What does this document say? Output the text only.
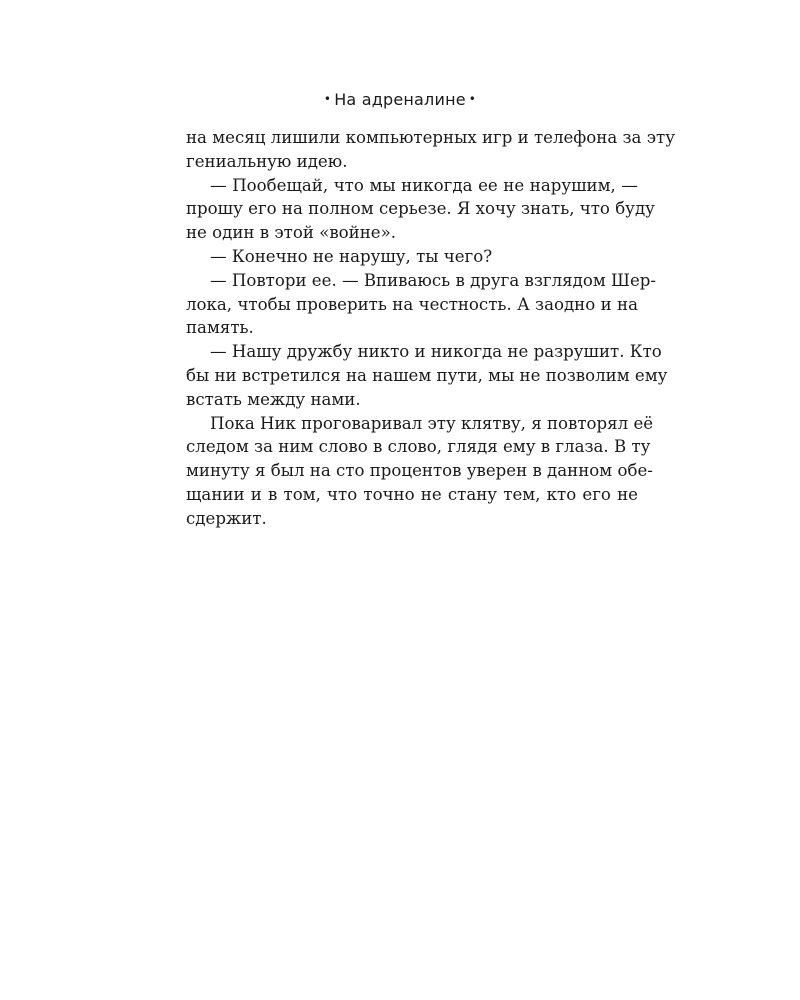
• На адреналине •
на месяц лишили компьютерных игр и телефона за эту
гениальную идею.
— Пообещай, что мы никогда ее не нарушим, —
прошу его на полном серьезе. Я хочу знать, что буду
не один в этой «войне».
— Конечно не нарушу, ты чего?
— Повтори ее. — Впиваюсь в друга взглядом Шер-
лока, чтобы проверить на честность. А заодно и на
память.
— Нашу дружбу никто и никогда не разрушит. Кто
бы ни встретился на нашем пути, мы не позволим ему
встать между нами.
Пока Ник проговаривал эту клятву, я повторял её
следом за ним слово в слово, глядя ему в глаза. В ту
минуту я был на сто процентов уверен в данном обе-
щании и в том, что точно не стану тем, кто его не
сдержит.
